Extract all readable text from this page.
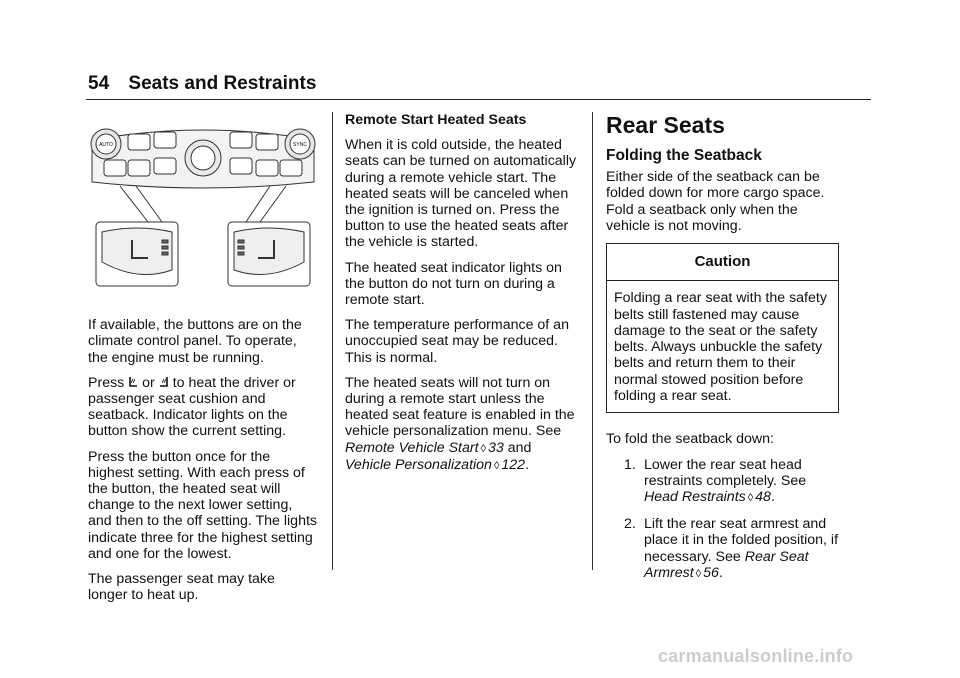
54 Seats and Restraints
AUTO	SYNC

If available, the buttons are on the climate control panel. To operate, the engine must be running.

Press or to heat the driver or passenger seat cushion and seatback. Indicator lights on the button show the current setting.

Press the button once for the highest setting. With each press of the button, the heated seat will change to the next lower setting, and then to the off setting. The lights indicate three for the highest setting and one for the lowest.

The passenger seat may take longer to heat up.

Remote Start Heated Seats

When it is cold outside, the heated seats can be turned on automatically during a remote vehicle start. The heated seats will be canceled when the ignition is turned on. Press the button to use the heated seats after the vehicle is started.

The heated seat indicator lights on the button do not turn on during a remote start.

The temperature performance of an unoccupied seat may be reduced. This is normal.

The heated seats will not turn on during a remote start unless the heated seat feature is enabled in the vehicle personalization menu. See Remote Vehicle Start ◊ 33 and Vehicle Personalization ◊ 122.

Rear Seats
Folding the Seatback

Either side of the seatback can be folded down for more cargo space. Fold a seatback only when the vehicle is not moving.

Caution
Folding a rear seat with the safety
belts still fastened may cause
damage to the seat or the safety
belts. Always unbuckle the safety
belts and return them to their
normal stowed position before
folding a rear seat.

To fold the seatback down:

1. Lower the rear seat head restraints completely. See Head Restraints ◊ 48.
2. Lift the rear seat armrest and place it in the folded position, if necessary. See Rear Seat Armrest ◊ 56.
carmanualsonline.info
